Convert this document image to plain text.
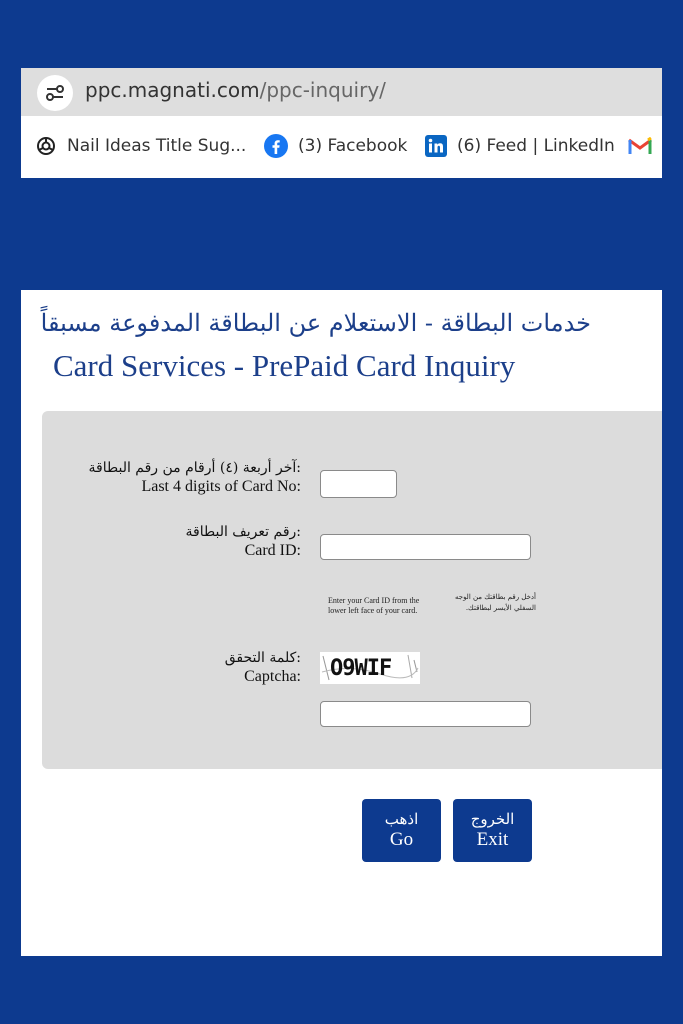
ppc.magnati.com/ppc-inquiry/
Nail Ideas Title Sug...	(3) Facebook	(6) Feed | LinkedIn
خدمات البطاقة - الاستعلام عن البطاقة المدفوعة مسبقاً
Card Services - PrePaid Card Inquiry
:آخر أربعة (٤) أرقام من رقم البطاقة
Last 4 digits of Card No:
:رقم تعريف البطاقة
Card ID:
Enter your Card ID from the
lower left face of your card.
أدخل رقم بطاقتك من الوجه
السفلي الأيسر لبطاقتك.
:كلمة التحقق
Captcha: O9WIF
اذهب
Go
الخروج
Exit
